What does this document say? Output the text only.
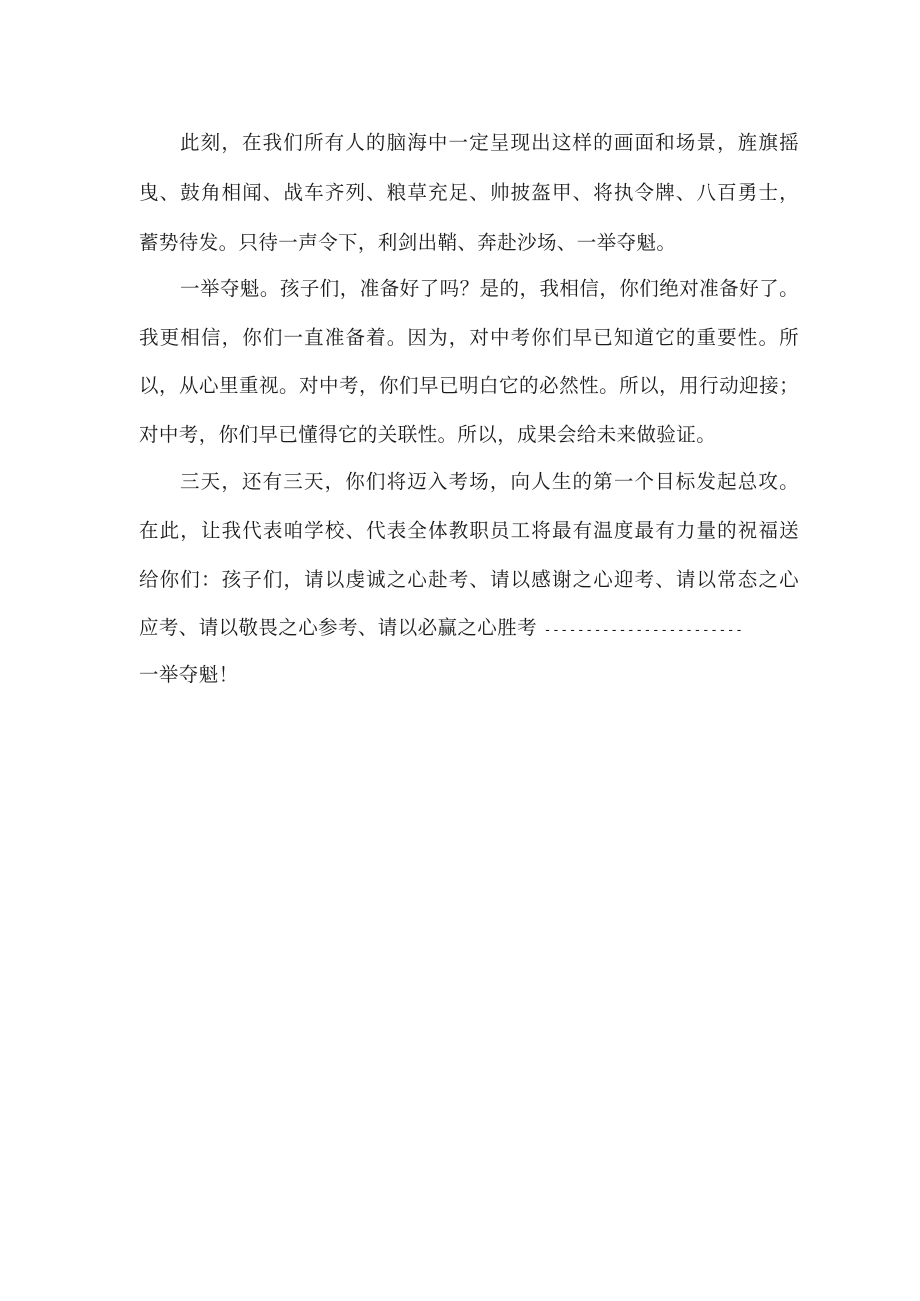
此刻，在我们所有人的脑海中一定呈现出这样的画面和场景，旌旗摇
曳、鼓角相闻、战车齐列、粮草充足、帅披盔甲、将执令牌、八百勇士，
蓄势待发。只待一声令下，利剑出鞘、奔赴沙场、一举夺魁。
一举夺魁。孩子们，准备好了吗？是的，我相信，你们绝对准备好了。
我更相信，你们一直准备着。因为，对中考你们早已知道它的重要性。所
以，从心里重视。对中考，你们早已明白它的必然性。所以，用行动迎接；
对中考，你们早已懂得它的关联性。所以，成果会给未来做验证。
三天，还有三天，你们将迈入考场，向人生的第一个目标发起总攻。
在此，让我代表咱学校、代表全体教职员工将最有温度最有力量的祝福送
给你们：孩子们，请以虔诚之心赴考、请以感谢之心迎考、请以常态之心
应考、请以敬畏之心参考、请以必赢之心胜考 ------------------------
一举夺魁！
